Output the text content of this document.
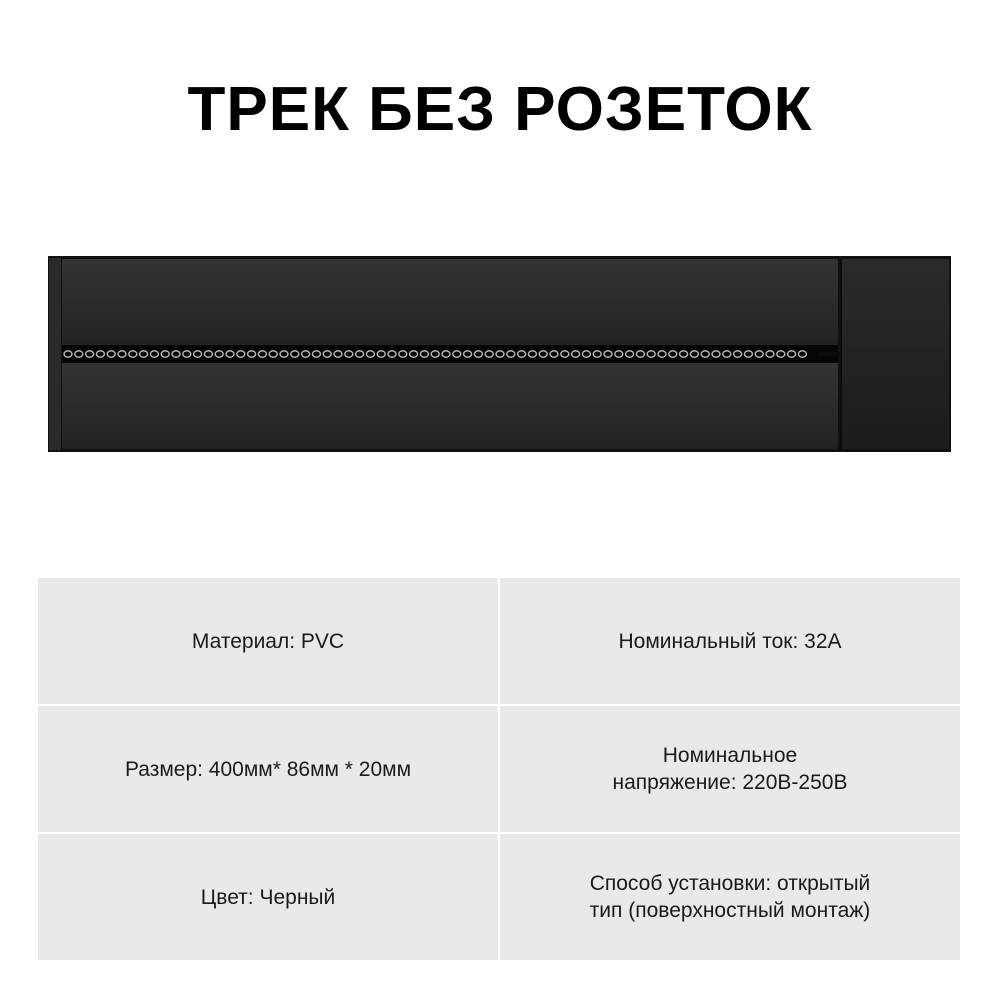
ТРЕК БЕЗ РОЗЕТОК
Материал: PVC	Номинальный ток: 32A
Размер: 400мм* 86мм * 20мм
Номинальное
напряжение: 220В-250В
Цвет: Черный
Способ установки: открытый
тип (поверхностный монтаж)
